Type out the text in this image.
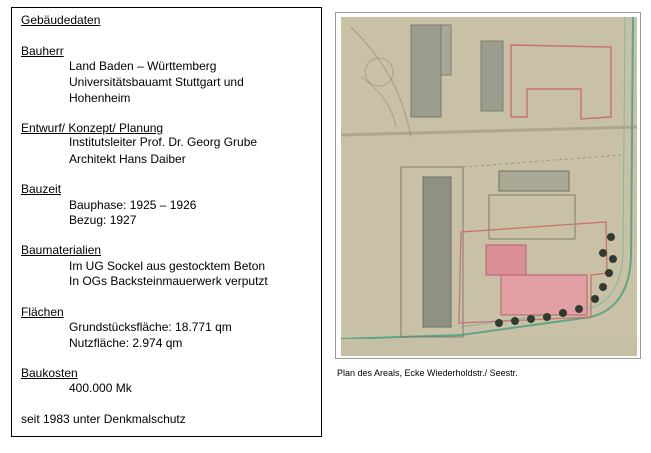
Gebäudedaten
Bauherr
Land Baden – Württemberg
Universitätsbauamt Stuttgart und
Hohenheim
Entwurf/ Konzept/ Planung
Institutsleiter Prof. Dr. Georg Grube
Architekt Hans Daiber
Bauzeit
Bauphase: 1925 – 1926
Bezug: 1927
Baumaterialien
Im UG Sockel aus gestocktem Beton
In OGs Backsteinmauerwerk verputzt
Flächen
Grundstücksfläche: 18.771 qm
Nutzfläche: 2.974 qm
Baukosten
400.000 Mk
seit 1983 unter Denkmalschutz
Plan des Areals, Ecke Wiederholdstr./ Seestr.
